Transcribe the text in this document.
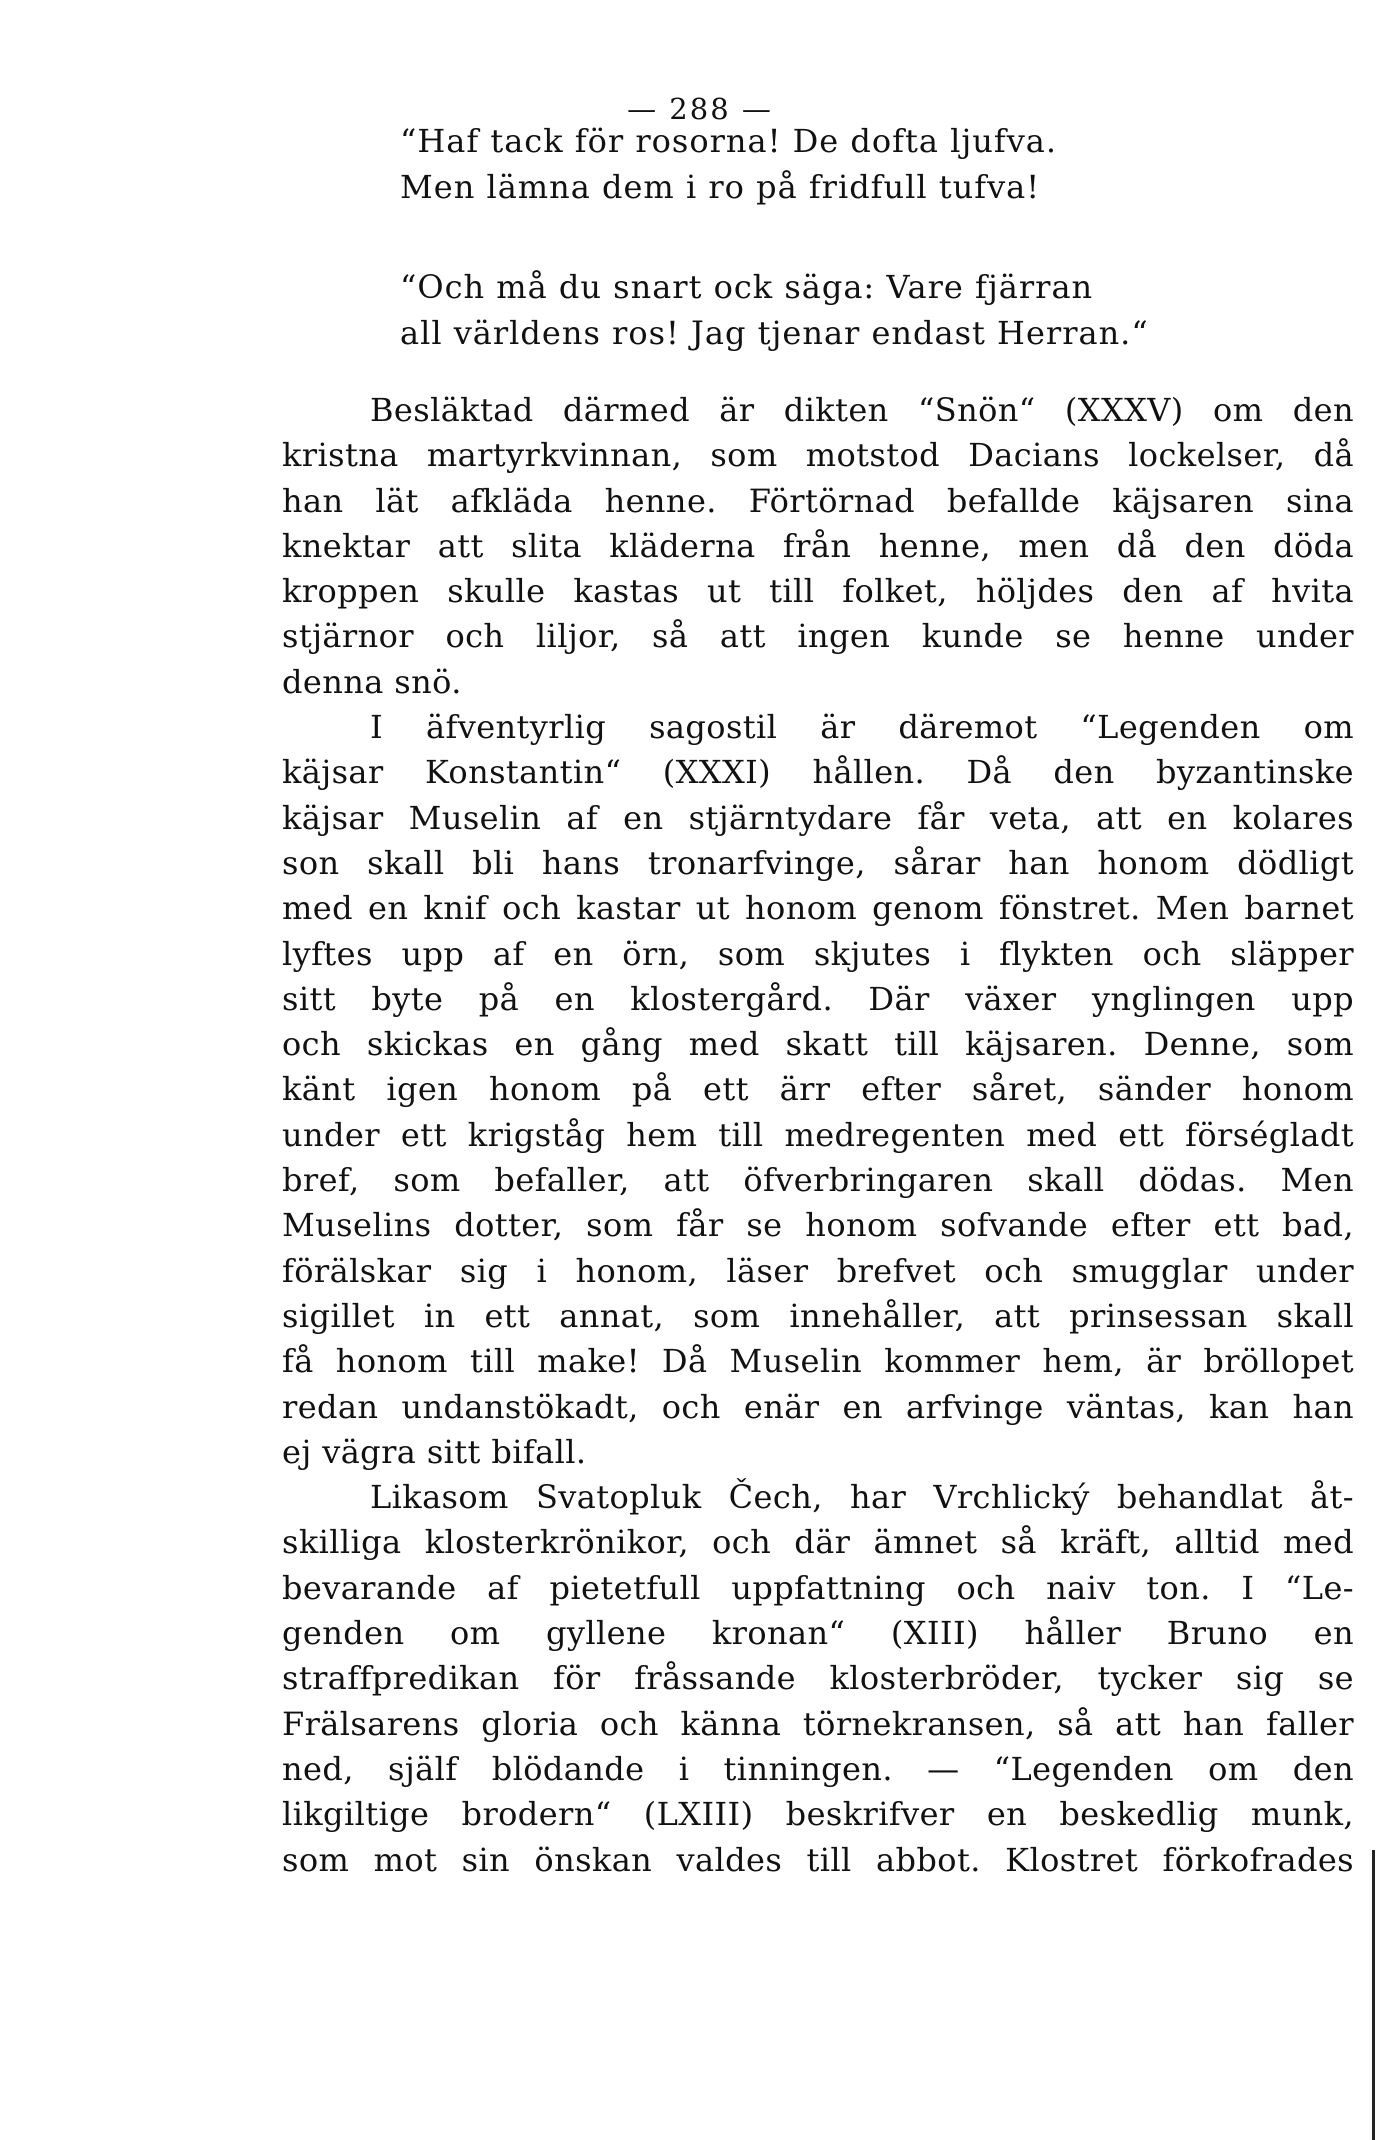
— 288 —
“Haf tack för rosorna! De dofta ljufva.
Men lämna dem i ro på fridfull tufva!
“Och må du snart ock säga: Vare fjärran
all världens ros! Jag tjenar endast Herran.“
Besläktad därmed är dikten “Snön“ (XXXV) om den
kristna martyrkvinnan, som motstod Dacians lockelser, då
han lät afkläda henne. Förtörnad befallde käjsaren sina
knektar att slita kläderna från henne, men då den döda
kroppen skulle kastas ut till folket, höljdes den af hvita
stjärnor och liljor, så att ingen kunde se henne under
denna snö.
I äfventyrlig sagostil är däremot “Legenden om
käjsar Konstantin“ (XXXI) hållen. Då den byzantinske
käjsar Muselin af en stjärntydare får veta, att en kolares
son skall bli hans tronarfvinge, sårar han honom dödligt
med en knif och kastar ut honom genom fönstret. Men barnet
lyftes upp af en örn, som skjutes i flykten och släpper
sitt byte på en klostergård. Där växer ynglingen upp
och skickas en gång med skatt till käjsaren. Denne, som
känt igen honom på ett ärr efter såret, sänder honom
under ett krigståg hem till medregenten med ett förségladt
bref, som befaller, att öfverbringaren skall dödas. Men
Muselins dotter, som får se honom sofvande efter ett bad,
förälskar sig i honom, läser brefvet och smugglar under
sigillet in ett annat, som innehåller, att prinsessan skall
få honom till make! Då Muselin kommer hem, är bröllopet
redan undanstökadt, och enär en arfvinge väntas, kan han
ej vägra sitt bifall.
Likasom Svatopluk Čech, har Vrchlický behandlat åt-
skilliga klosterkrönikor, och där ämnet så kräft, alltid med
bevarande af pietetfull uppfattning och naiv ton. I “Le-
genden om gyllene kronan“ (XIII) håller Bruno en
straffpredikan för fråssande klosterbröder, tycker sig se
Frälsarens gloria och känna törnekransen, så att han faller
ned, själf blödande i tinningen. — “Legenden om den
likgiltige brodern“ (LXIII) beskrifver en beskedlig munk,
som mot sin önskan valdes till abbot. Klostret förkofrades
